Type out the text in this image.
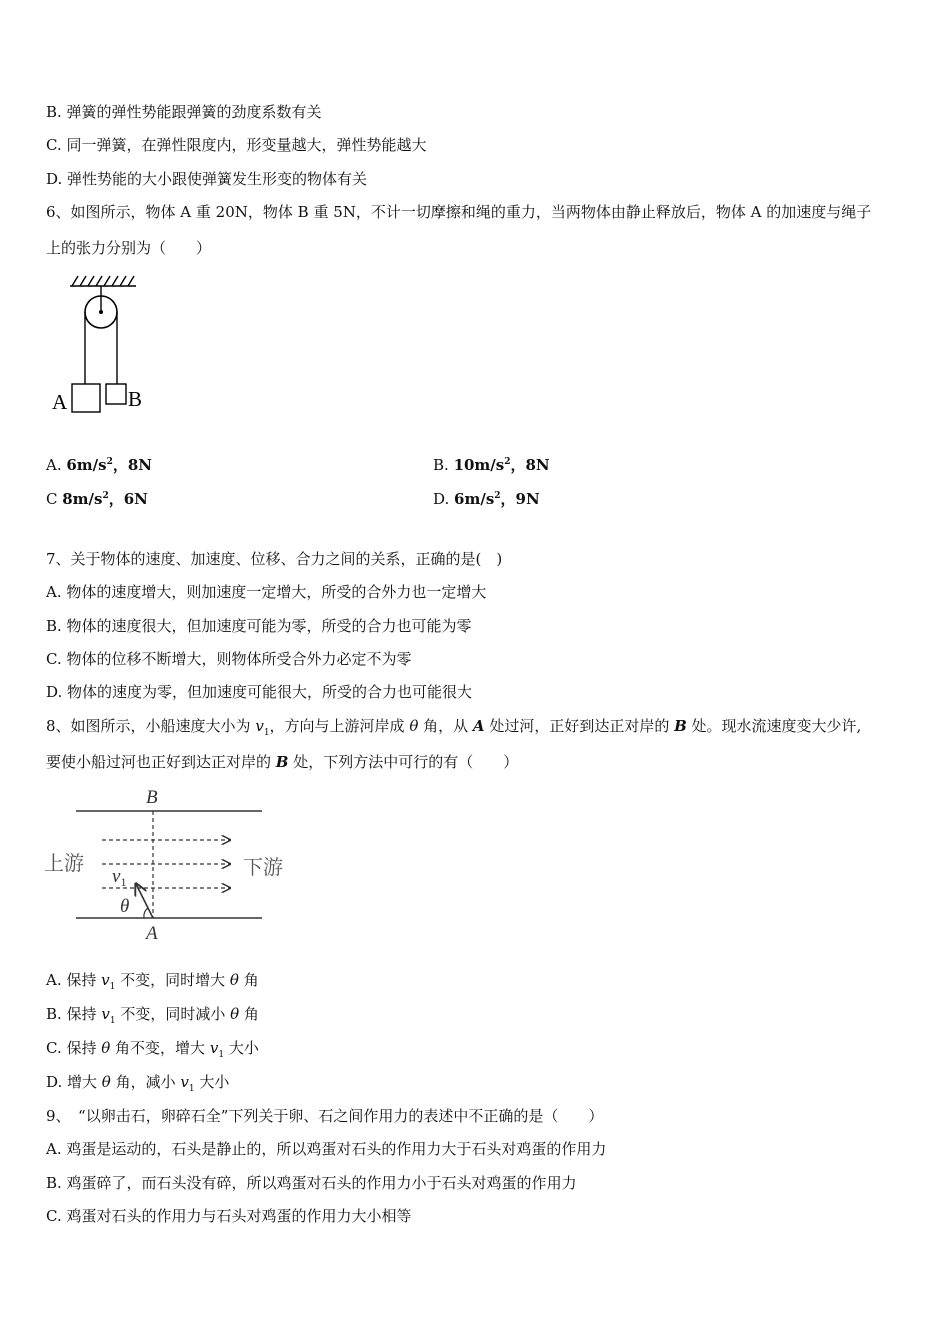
B. 弹簧的弹性势能跟弹簧的劲度系数有关
C. 同一弹簧，在弹性限度内，形变量越大，弹性势能越大
D. 弹性势能的大小跟使弹簧发生形变的物体有关
6、如图所示，物体 A 重 20N，物体 B 重 5N，不计一切摩擦和绳的重力，当两物体由静止释放后，物体 A 的加速度与绳子
上的张力分别为（　　）
A	B
A. $6m/s^2$，8N	B. $10m/s^2$，8N
C $8m/s^2$，6N	D. $6m/s^2$，9N
7、关于物体的速度、加速度、位移、合力之间的关系，正确的是(　)
A. 物体的速度增大，则加速度一定增大，所受的合外力也一定增大
B. 物体的速度很大，但加速度可能为零，所受的合力也可能为零
C. 物体的位移不断增大，则物体所受合外力必定不为零
D. 物体的速度为零，但加速度可能很大，所受的合力也可能很大
8、如图所示，小船速度大小为 $v_1$，方向与上游河岸成 θ 角，从 A 处过河，正好到达正对岸的 B 处。现水流速度变大少许,
要使小船过河也正好到达正对岸的 B 处，下列方法中可行的有（　　）
B
A
上游	下游
$v_1$
θ
A. 保持 $v_1$ 不变，同时增大 θ 角
B. 保持 $v_1$ 不变，同时减小 θ 角
C. 保持 θ 角不变，增大 $v_1$ 大小
D. 增大 θ 角，减小 $v_1$ 大小
9、　“以卵击石，卵碎石全”下列关于卵、石之间作用力的表述中不正确的是（　　）
A. 鸡蛋是运动的，石头是静止的，所以鸡蛋对石头的作用力大于石头对鸡蛋的作用力
B. 鸡蛋碎了，而石头没有碎，所以鸡蛋对石头的作用力小于石头对鸡蛋的作用力
C. 鸡蛋对石头的作用力与石头对鸡蛋的作用力大小相等
